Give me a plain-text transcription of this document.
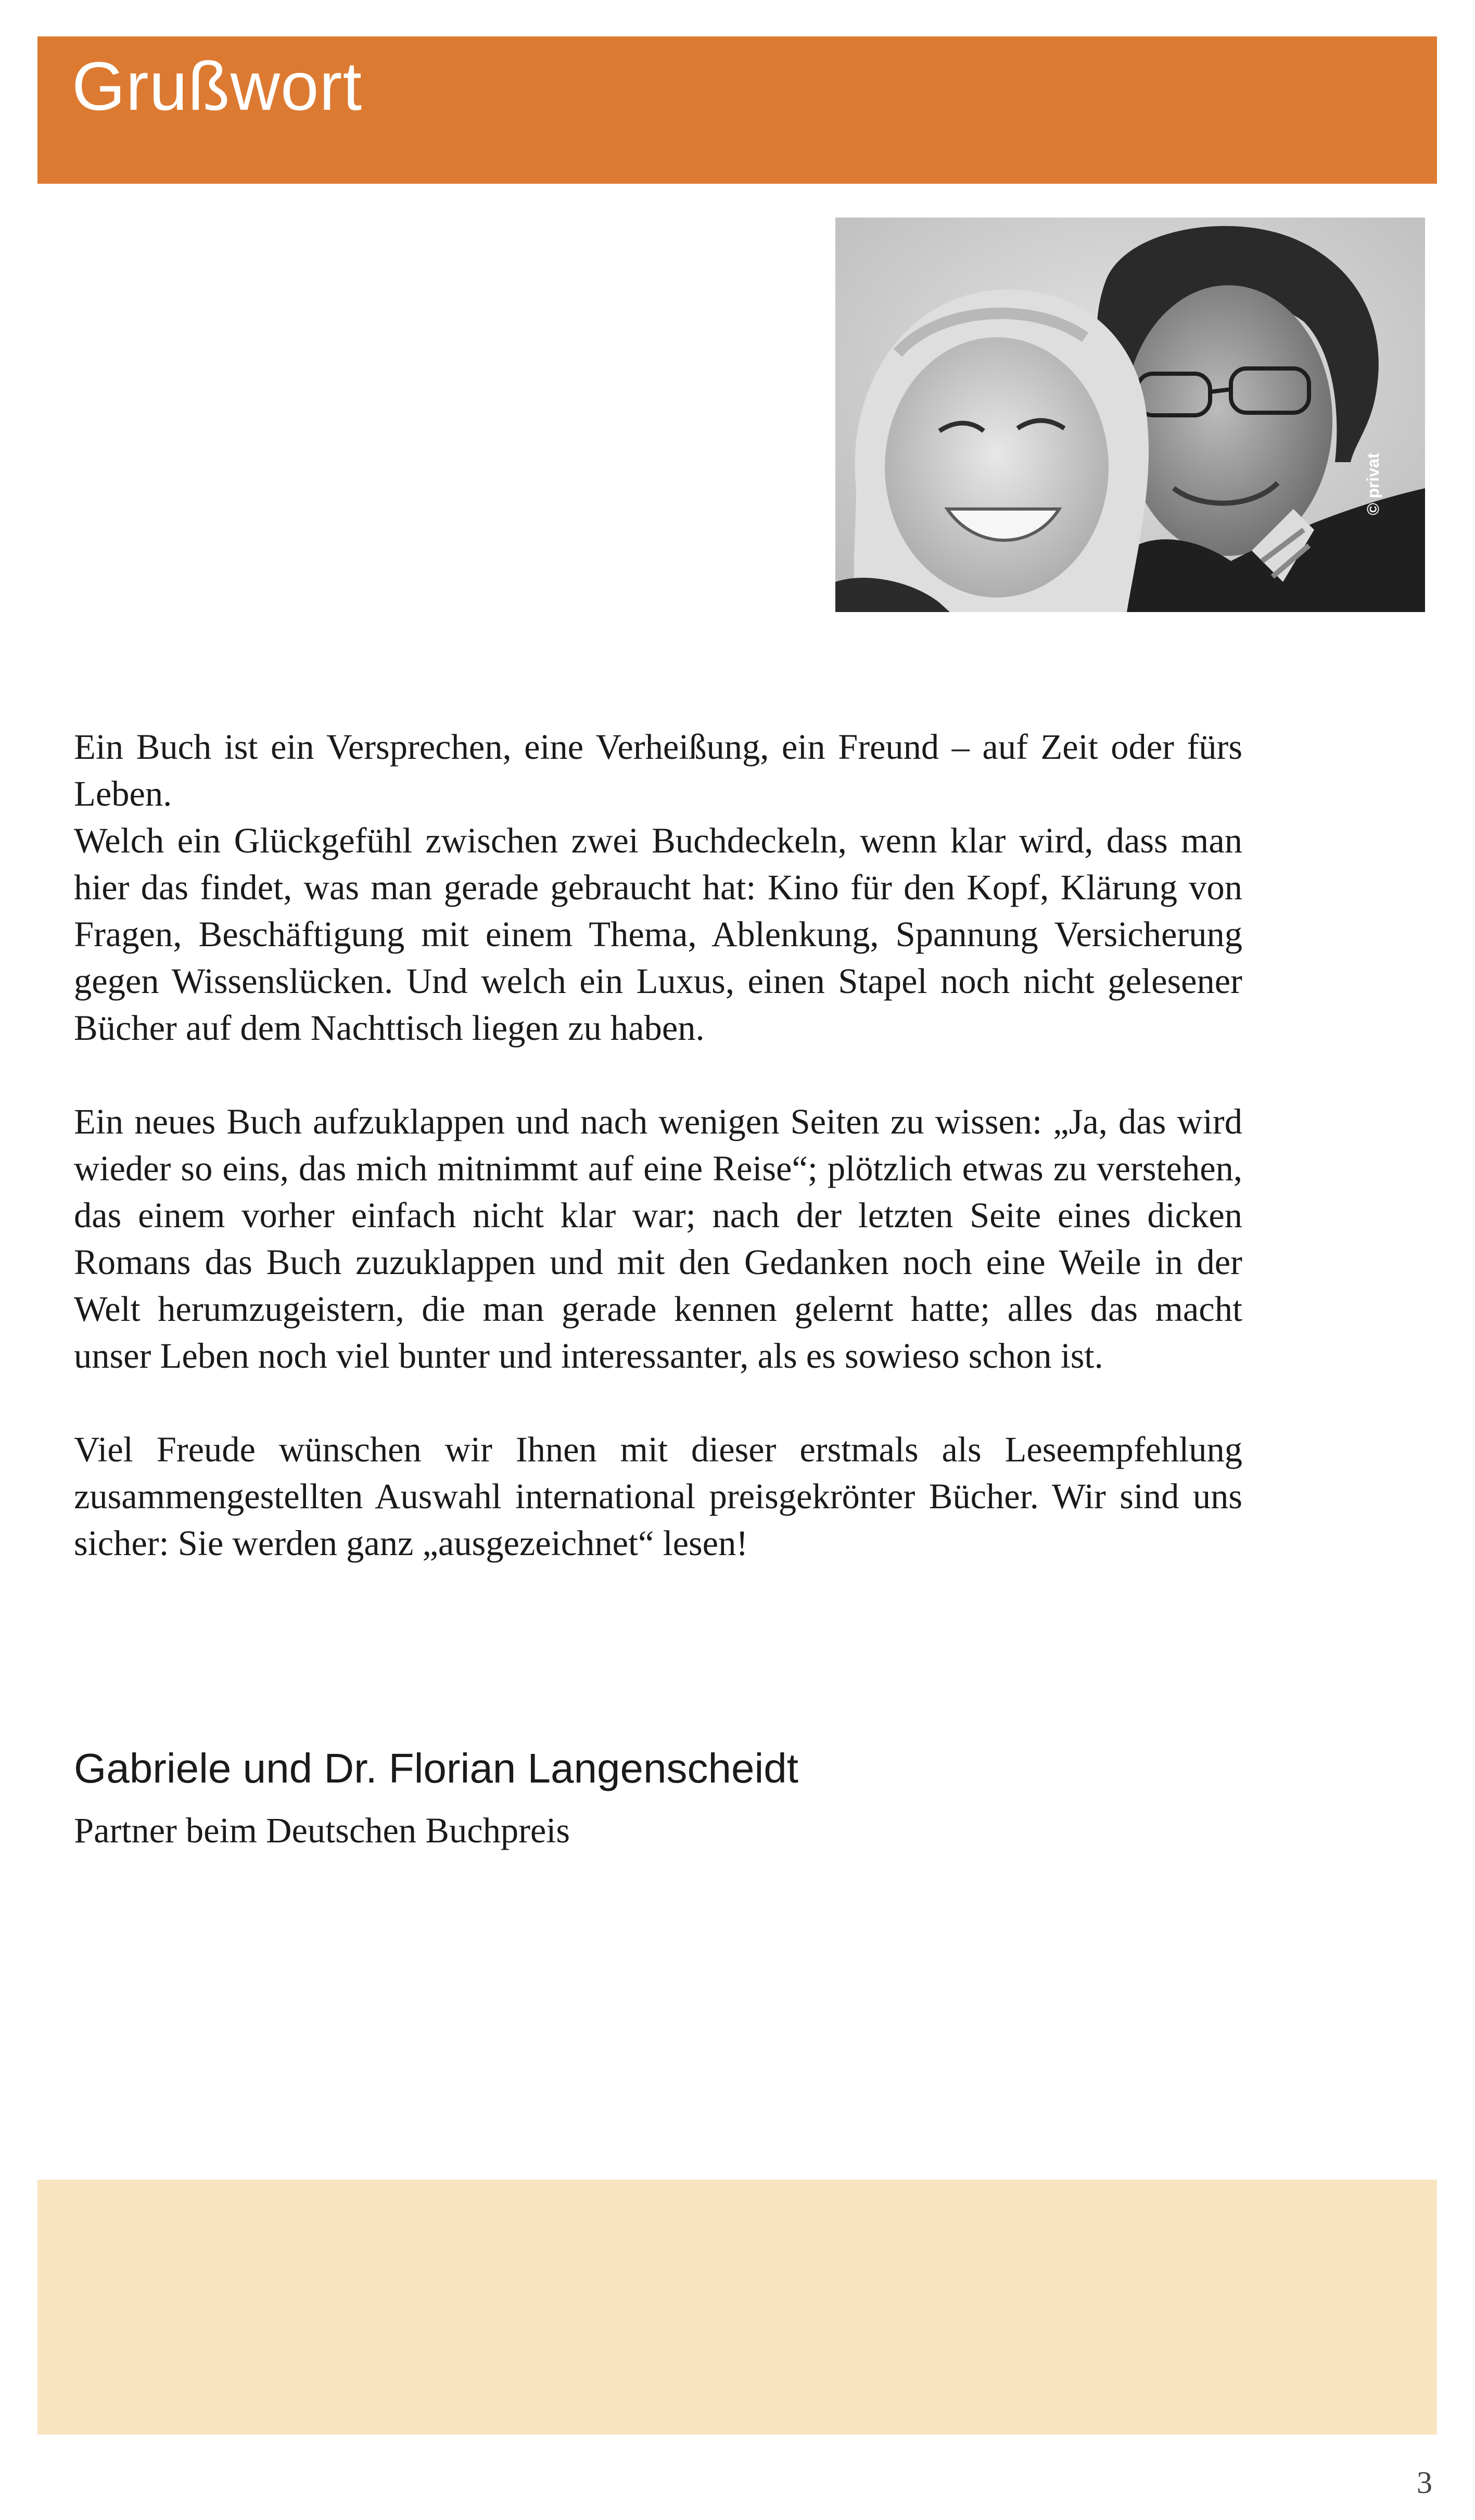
Grußwort
© privat

Ein Buch ist ein Versprechen, eine Verheißung, ein Freund – auf Zeit oder fürs Leben.
Welch ein Glückgefühl zwischen zwei Buchdeckeln, wenn klar wird, dass man hier das findet, was man gerade gebraucht hat: Kino für den Kopf, Klärung von Fragen, Beschäftigung mit einem Thema, Ablenkung, Spannung Versicherung gegen Wissenslücken. Und welch ein Luxus, einen Stapel noch nicht gelesener Bücher auf dem Nachttisch liegen zu haben.

Ein neues Buch aufzuklappen und nach wenigen Seiten zu wissen: „Ja, das wird wieder so eins, das mich mitnimmt auf eine Reise“; plötzlich etwas zu verstehen, das einem vorher einfach nicht klar war; nach der letzten Seite eines dicken Romans das Buch zuzuklappen und mit den Gedanken noch eine Weile in der Welt herumzugeistern, die man gerade kennen gelernt hatte; alles das macht unser Leben noch viel bunter und interessanter, als es sowieso schon ist.

Viel Freude wünschen wir Ihnen mit dieser erstmals als Leseempfehlung zusammengestellten Auswahl international preisgekrönter Bücher. Wir sind uns sicher: Sie werden ganz „ausgezeichnet“ lesen!

Gabriele und Dr. Florian Langenscheidt
Partner beim Deutschen Buchpreis
3
